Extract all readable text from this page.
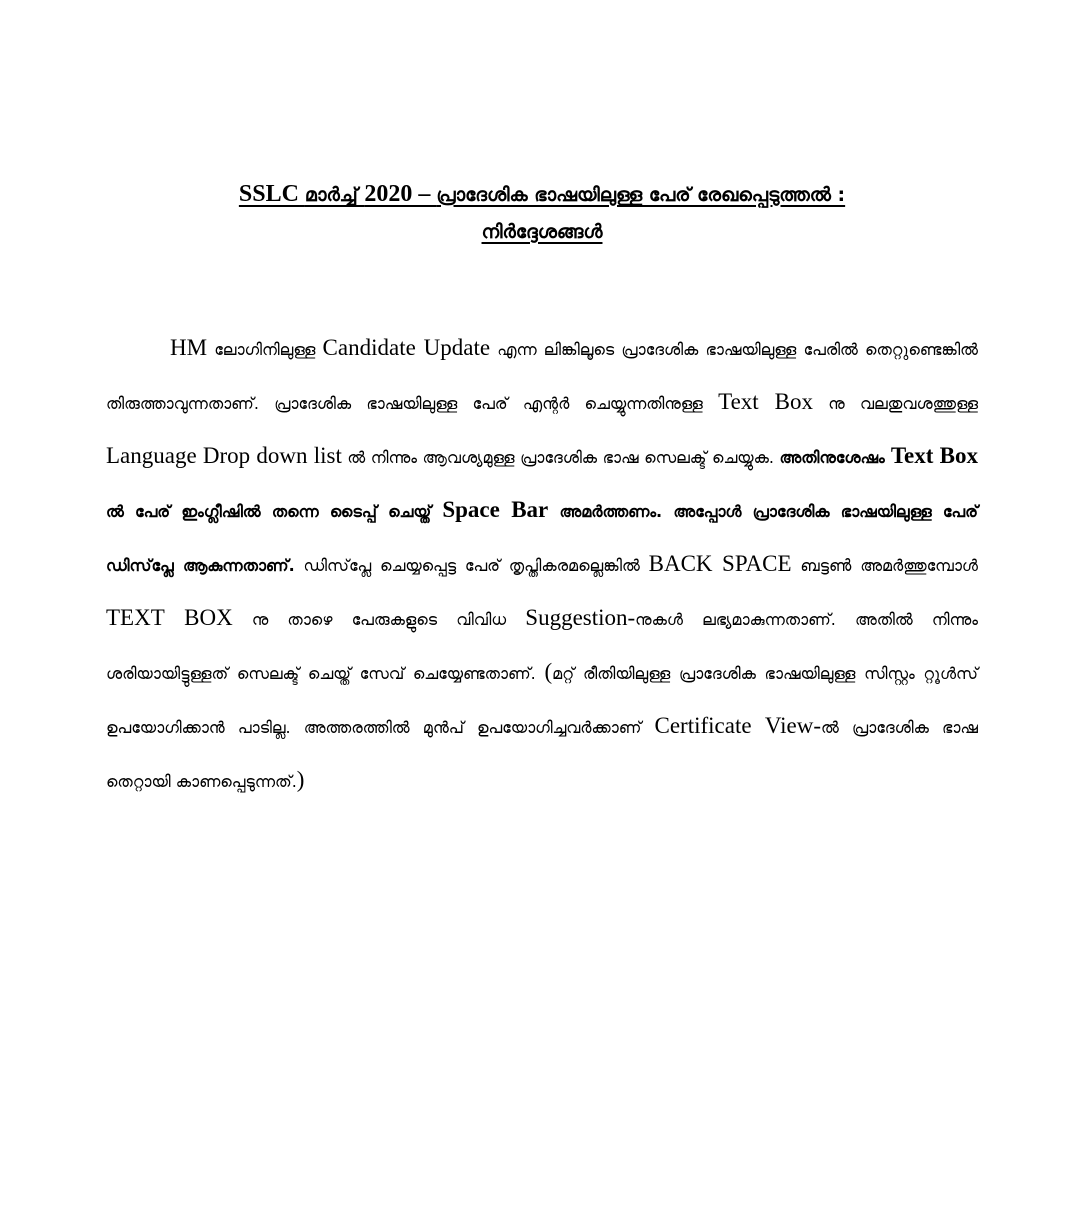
SSLC മാർച്ച് 2020 – പ്രാദേശിക ഭാഷയിലുള്ള പേര് രേഖപ്പെടുത്തൽ :
നിർദ്ദേശങ്ങൾ
HM ലോഗിനിലുള്ള Candidate Update എന്ന ലിങ്കിലൂടെ പ്രാദേശിക ഭാഷയിലുള്ള പേരിൽ തെറ്റുണ്ടെങ്കിൽ തിരുത്താവുന്നതാണ്. പ്രാദേശിക ഭാഷയിലുള്ള പേര് എന്റർ ചെയ്യുന്നതിനുള്ള Text Box നു വലതുവശത്തുള്ള Language Drop down list ൽ നിന്നും ആവശ്യമുള്ള പ്രാദേശിക ഭാഷ സെലക്ട് ചെയ്യുക. അതിനുശേഷം Text Box ൽ പേര് ഇംഗ്ലീഷിൽ തന്നെ ടൈപ്പ് ചെയ്ത് Space Bar അമർത്തണം. അപ്പോൾ പ്രാദേശിക ഭാഷയിലുള്ള പേര് ഡിസ്‌പ്ലേ ആകുന്നതാണ്. ഡിസ്‌പ്ലേ ചെയ്യപ്പെട്ട പേര് തൃപ്തികരമല്ലെങ്കിൽ BACK SPACE ബട്ടൺ അമർത്തുമ്പോൾ TEXT BOX നു താഴെ പേരുകളുടെ വിവിധ Suggestion-നുകൾ ലഭ്യമാകുന്നതാണ്. അതിൽ നിന്നും ശരിയായിട്ടുള്ളത് സെലക്ട് ചെയ്ത് സേവ് ചെയ്യേണ്ടതാണ്. (മറ്റ് രീതിയിലുള്ള പ്രാദേശിക ഭാഷയിലുള്ള സിസ്റ്റം റ്റൂൾസ് ഉപയോഗിക്കാൻ പാടില്ല. അത്തരത്തിൽ മുൻപ് ഉപയോഗിച്ചവർക്കാണ് Certificate View-ൽ പ്രാദേശിക ഭാഷ തെറ്റായി കാണപ്പെടുന്നത്.)
